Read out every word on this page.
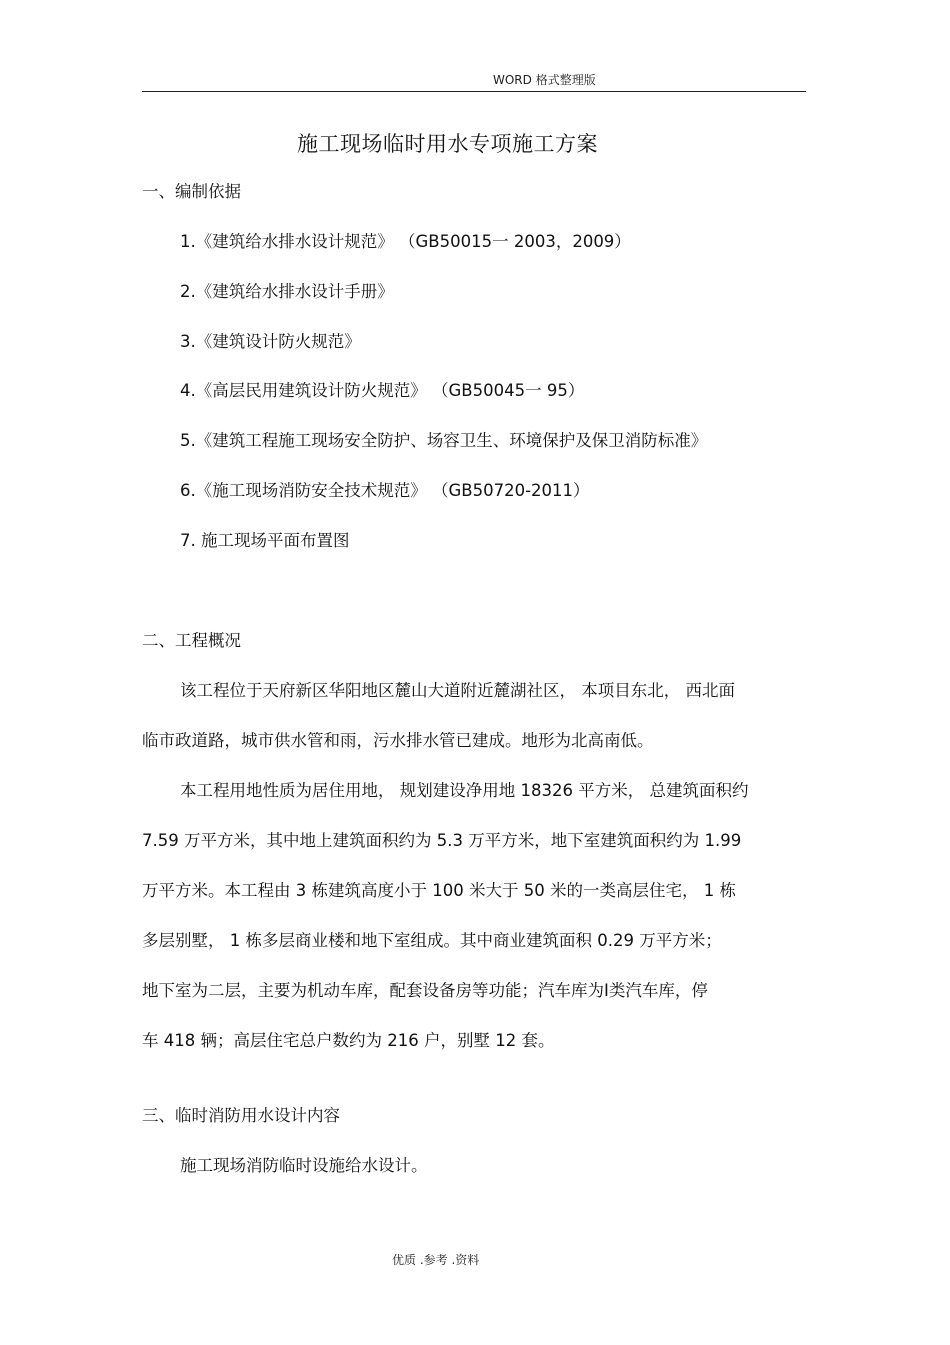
WORD 格式整理版
施工现场临时用水专项施工方案
一、编制依据
1.《建筑给水排水设计规范》 （GB50015一 2003，2009）
2.《建筑给水排水设计手册》
3.《建筑设计防火规范》
4.《高层民用建筑设计防火规范》 （GB50045一 95）
5.《建筑工程施工现场安全防护、场容卫生、环境保护及保卫消防标准》
6.《施工现场消防安全技术规范》 （GB50720-2011）
7. 施工现场平面布置图
二、工程概况
该工程位于天府新区华阳地区麓山大道附近麓湖社区， 本项目东北， 西北面
临市政道路，城市供水管和雨，污水排水管已建成。地形为北高南低。
本工程用地性质为居住用地， 规划建设净用地 18326 平方米， 总建筑面积约
7.59 万平方米，其中地上建筑面积约为 5.3 万平方米，地下室建筑面积约为 1.99
万平方米。本工程由 3 栋建筑高度小于 100 米大于 50 米的一类高层住宅， 1 栋
多层别墅， 1 栋多层商业楼和地下室组成。其中商业建筑面积 0.29 万平方米；
地下室为二层，主要为机动车库，配套设备房等功能；汽车库为Ⅰ类汽车库，停
车 418 辆；高层住宅总户数约为 216 户，别墅 12 套。
三、临时消防用水设计内容
施工现场消防临时设施给水设计。
优质 .参考 .资料
